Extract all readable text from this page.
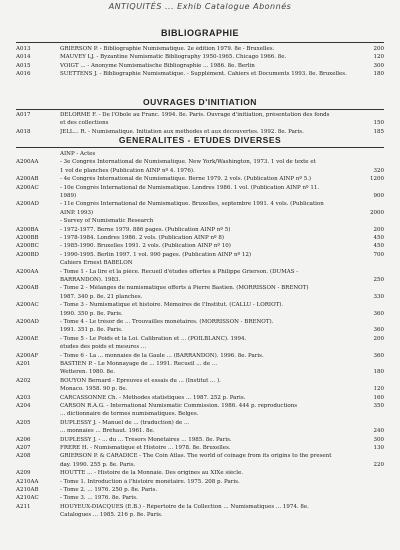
ANTIQUITÉS ... Exhib Catalogue Abonnés
BIBLIOGRAPHIE
A013	GRIERSON P. - Bibliographie Numismatique. 2e édition 1979. 8e - Bruxelles.	200
A014	MAUVEY LJ. - Byzantine Numismatic Bibliography 1950-1965. Chicago 1966. 8e.	120
A015	VOIGT ... - Anonyme Numismatische Bibliographie ... 1986. 8e. Berlin	300
A016	SUETTENS J. - Bibliographie Numismatique. - Supplément. Cahiers et Documents 1993. 8e. Bruxelles.	180
OUVRAGES D'INITIATION
A017	DELORME F. - De l'Obole au Franc. 1994. 8e. Paris. Ouvrage d'initiation, présentation des fonds
et des collections	150
A018	JELL... R. - Numismatique. Initiation aux méthodes et aux découvertes. 1992. 8e. Paris.	185
GENERALITES - ETUDES DIVERSES
AINP - Actes
A200AA	- 3e Congrès International de Numismatique. New York/Washington, 1973. 1 vol de texte et
1 vol de planches (Publication AINP nº 4. 1976).	320
A200AB	- 4e Congrès International de Numismatique. Berne 1979. 2 vols. (Publication AINP nº 5.)	1200
A200AC	- 10e Congrès International de Numismatique. Londres 1986. 1 vol. (Publication AINP nº 11.
1989)	900
A200AD	- 11e Congrès International de Numismatique. Bruxelles, septembre 1991. 4 vols. (Publication
AINP. 1993)	2000
- Survey of Numismatic Research
A200BA	- 1972-1977. Berne 1979. 886 pages. (Publication AINP nº 5)	200
A200BB	- 1978-1984. Londres 1986. 2 vols. (Publication AINP nº 8)	450
A200BC	- 1985-1990. Bruxelles 1991. 2 vols. (Publication AINP nº 10)	450
A200BD	- 1990-1995. Berlin 1997. 1 vol. 990 pages. (Publication AINP nº 12)	700
Cahiers Ernest BABELON
A200AA	- Tome 1 - La lire et la pièce. Recueil d'études offertes à Philippe Grierson. (DUMAS -
BARRANDON). 1983.	250
A200AB	- Tome 2 - Mélanges de numismatique offerts à Pierre Bastien. (MORRISSON - BRENOT)
1987. 340 p. 8e. 21 planches.	330
A200AC	- Tome 3 - Numismatique et histoire. Mémoires de l'Institut. (CALLU - LORIOT).
1990. 350 p. 8e. Paris.	360
A200AD	- Tome 4 - Le trésor de ... Trouvailles monétaires. (MORRISSON - BRENOT).
1991. 351 p. 8e. Paris.	360
A200AE	- Tome 5 - Le Poids et la Loi. Calibration et ... (POILBLANC). 1994.	200
études des poids et mesures ...
A200AF	- Tome 6 - La ... monnaies de la Gaule ... (BARRANDON). 1996. 8e. Paris.	360
A201	BASTIEN P. - Le Monnayage de ... 1991. Recueil ... de ...
Wetteren. 1980. 8e.	180
A202	BOUYON Bernard - Epreuves et essais du ... (Institut ... ).
Monaco. 1958. 90 p. 8e.	120
A203	CARCASSONNE Ch. - Méthodes statistiques ... 1987. 252 p. Paris.	160
A204	CARSON R.A.G. - International Numismatic Commission. 1986. 444 p. reproductions	350
... dictionnaire de termes numismatiques. Belges.
A205	DUPLESSY J. - Manuel de ... (traduction) de ...
... monnaies ... Bréhaut. 1961. 8e.	240
A206	DUPLESSY J. - ... du ... Trésors Monétaires ... 1985. 8e. Paris.	300
A207	FRERE H. - Numismatique et Histoire ... 1978. 8e. Bruxelles.	130
A208	GRIERSON P. & CARADICE - The Coin Atlas. The world of coinage from its origins to the present
day. 1990. 255 p. 8e. Paris.	220
A209	HOUTTE ... - Histoire de la Monnaie. Des origines au XIXe siècle.
A210AA	- Tome 1. Introduction à l'histoire monétaire. 1975. 208 p. Paris.
A210AB	- Tome 2. ... 1976. 250 p. 8e. Paris.
A210AC	- Tome 3. ... 1976. 8e. Paris.
A211	HOUYEUX-DIACQUES (E.B.) - Répertoire de la Collection ... Numismatiques ... 1974. 8e.
Catalogues ... 1985. 216 p. 8e. Paris.
